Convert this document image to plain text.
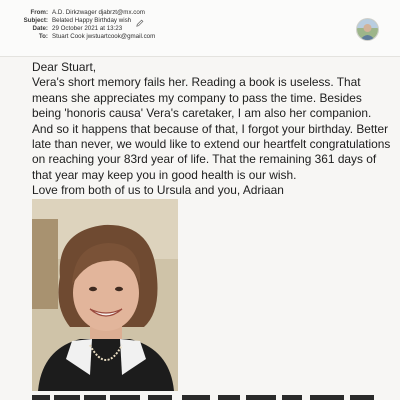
From: A.D. Dirkzwager djabrzt@mx.com
Subject: Belated Happy Birthday wish
Date: 29 October 2021 at 13:23
To: Stuart Cook jwstuartcook@gmail.com

Dear Stuart,

Vera's short memory fails her. Reading a book is useless. That means she appreciates my company to pass the time. Besides being 'honoris causa' Vera's caretaker, I am also her companion. And so it happens that because of that, I forgot your birthday. Better late than never, we would like to extend our heartfelt congratulations on reaching your 83rd year of life. That the remaining 361 days of that year may keep you in good health is our wish.

Love from both of us to Ursula and you, Adriaan
